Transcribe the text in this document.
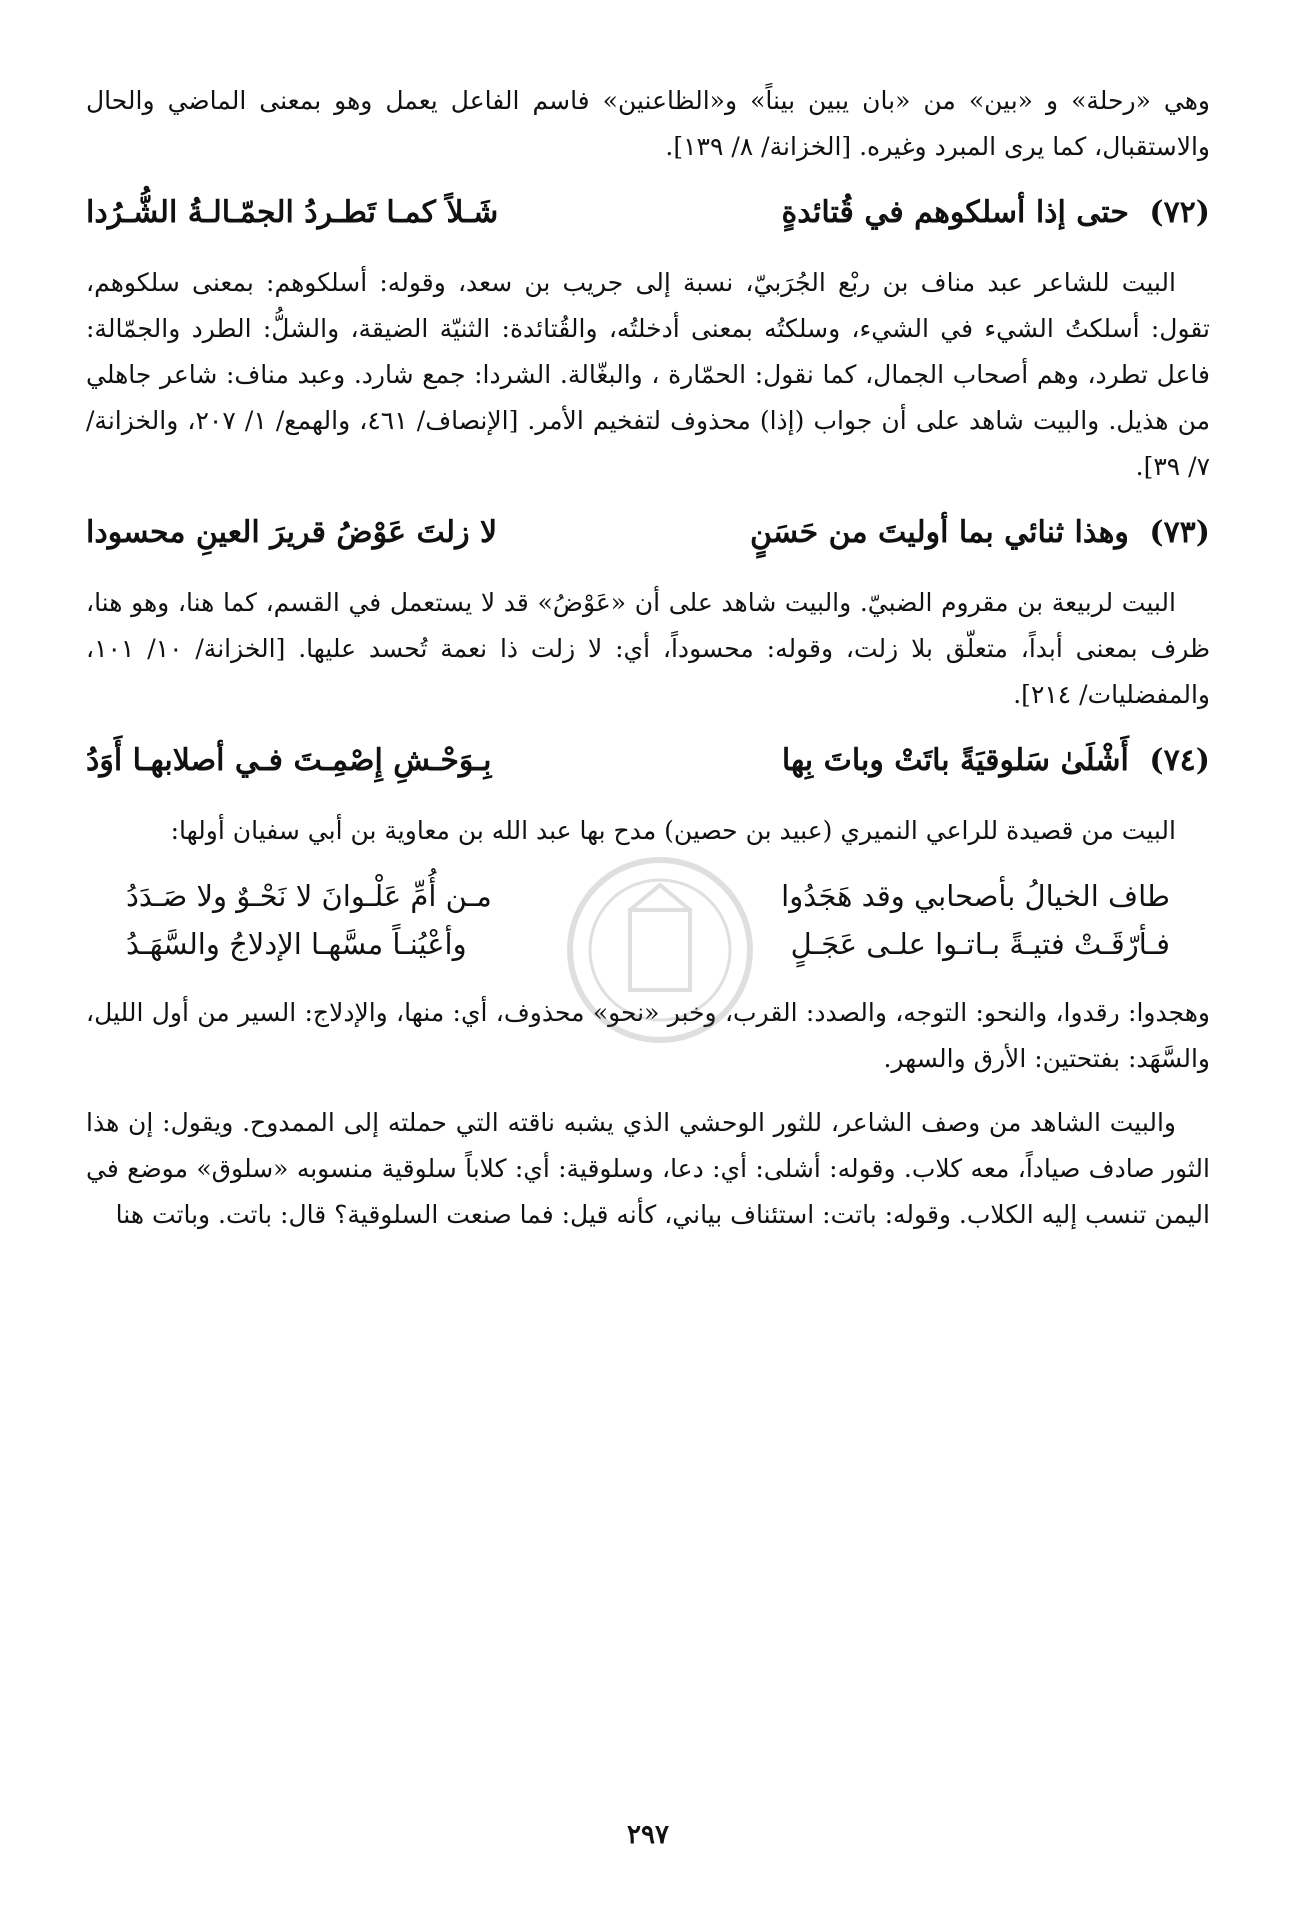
وهي «رحلة» و «بين» من «بان يبين بيناً» و«الظاعنين» فاسم الفاعل يعمل وهو بمعنى الماضي والحال والاستقبال، كما يرى المبرد وغيره. [الخزانة/ ٨/ ١٣٩].

(٧٢) حتى إذا أسلكوهم في قُتائدةٍ
شَـلاً كمـا تَطـردُ الجمّـالـةُ الشُّـرُدا

البيت للشاعر عبد مناف بن ربْع الجُرَبيّ، نسبة إلى جريب بن سعد، وقوله: أسلكوهم: بمعنى سلكوهم، تقول: أسلكتُ الشيء في الشيء، وسلكتُه بمعنى أدخلتُه، والقُتائدة: الثنيّة الضيقة، والشلُّ: الطرد والجمّالة: فاعل تطرد، وهم أصحاب الجمال، كما نقول: الحمّارة ، والبغّالة. الشردا: جمع شارد. وعبد مناف: شاعر جاهلي من هذيل. والبيت شاهد على أن جواب (إذا) محذوف لتفخيم الأمر. [الإنصاف/ ٤٦١، والهمع/ ١/ ٢٠٧، والخزانة/ ٧/ ٣٩].

(٧٣) وهذا ثنائي بما أوليتَ من حَسَنٍ
لا زلتَ عَوْضُ قريرَ العينِ محسودا

البيت لربيعة بن مقروم الضبيّ. والبيت شاهد على أن «عَوْضُ» قد لا يستعمل في القسم، كما هنا، وهو هنا، ظرف بمعنى أبداً، متعلّق بلا زلت، وقوله: محسوداً، أي: لا زلت ذا نعمة تُحسد عليها. [الخزانة/ ١٠/ ١٠١، والمفضليات/ ٢١٤].

(٧٤) أَشْلَىٰ سَلوقيَةً باتَتْ وباتَ بِها
بِـوَحْـشِ إِصْمِـتَ فـي أصلابهـا أَوَدُ

البيت من قصيدة للراعي النميري (عبيد بن حصين) مدح بها عبد الله بن معاوية بن أبي سفيان أولها:

طاف الخيالُ بأصحابي وقد هَجَدُوا
مـن أُمِّ عَلْـوانَ لا نَحْـوٌ ولا صَـدَدُ
فـأرّقَـتْ فتيـةً بـاتـوا علـى عَجَـلٍ
وأعْيُنـاً مسَّهـا الإدلاجُ والسَّهَـدُ

وهجدوا: رقدوا، والنحو: التوجه، والصدد: القرب، وخبر «نحو» محذوف، أي: منها، والإدلاج: السير من أول الليل، والسَّهَد: بفتحتين: الأرق والسهر.

والبيت الشاهد من وصف الشاعر، للثور الوحشي الذي يشبه ناقته التي حملته إلى الممدوح. ويقول: إن هذا الثور صادف صياداً، معه كلاب. وقوله: أشلى: أي: دعا، وسلوقية: أي: كلاباً سلوقية منسوبه «سلوق» موضع في اليمن تنسب إليه الكلاب. وقوله: باتت: استئناف بياني، كأنه قيل: فما صنعت السلوقية؟ قال: باتت. وباتت هنا

٢٩٧
